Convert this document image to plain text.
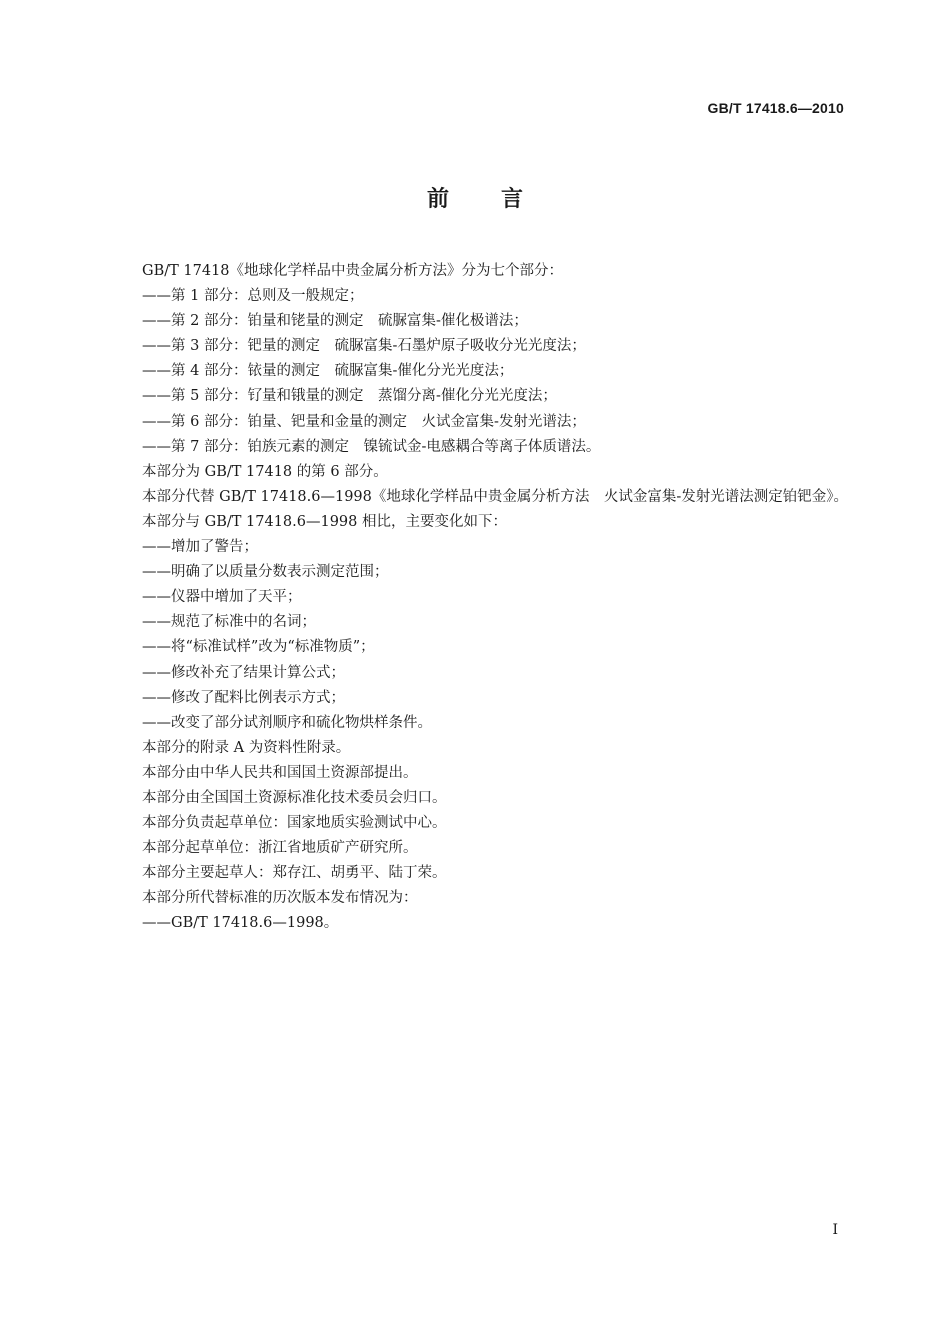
GB/T 17418.6—2010
前言

GB/T 17418《地球化学样品中贵金属分析方法》分为七个部分：

——第 1 部分：总则及一般规定；

——第 2 部分：铂量和铑量的测定　硫脲富集-催化极谱法；

——第 3 部分：钯量的测定　硫脲富集-石墨炉原子吸收分光光度法；

——第 4 部分：铱量的测定　硫脲富集-催化分光光度法；

——第 5 部分：钌量和锇量的测定　蒸馏分离-催化分光光度法；

——第 6 部分：铂量、钯量和金量的测定　火试金富集-发射光谱法；

——第 7 部分：铂族元素的测定　镍锍试金-电感耦合等离子体质谱法。

本部分为 GB/T 17418 的第 6 部分。

本部分代替 GB/T 17418.6—1998《地球化学样品中贵金属分析方法　火试金富集-发射光谱法测定铂钯金》。

本部分与 GB/T 17418.6—1998 相比，主要变化如下：

——增加了警告；

——明确了以质量分数表示测定范围；

——仪器中增加了天平；

——规范了标准中的名词；

——将“标准试样”改为“标准物质”；

——修改补充了结果计算公式；

——修改了配料比例表示方式；

——改变了部分试剂顺序和硫化物烘样条件。

本部分的附录 A 为资料性附录。

本部分由中华人民共和国国土资源部提出。

本部分由全国国土资源标准化技术委员会归口。

本部分负责起草单位：国家地质实验测试中心。

本部分起草单位：浙江省地质矿产研究所。

本部分主要起草人：郑存江、胡勇平、陆丁荣。

本部分所代替标准的历次版本发布情况为：

——GB/T 17418.6—1998。

I
